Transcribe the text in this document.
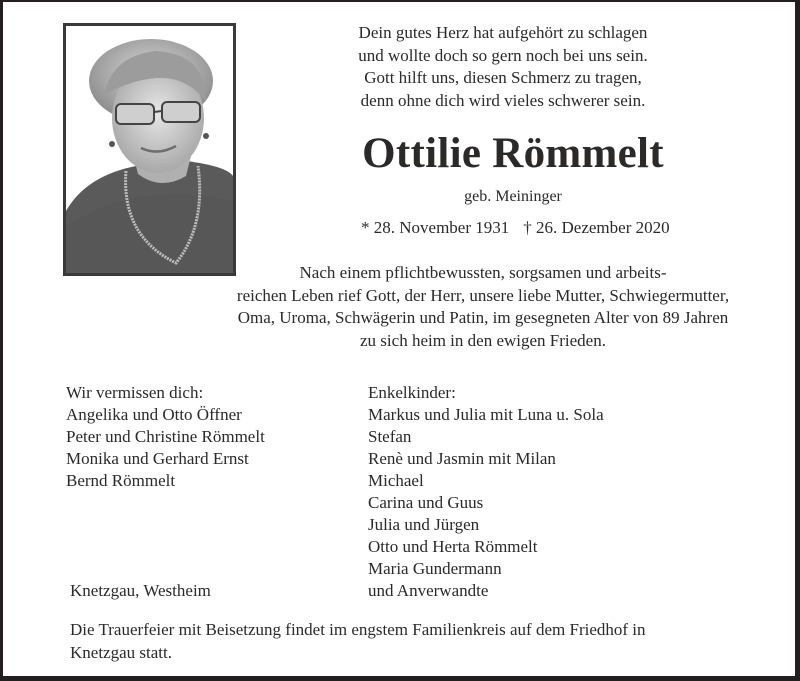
Dein gutes Herz hat aufgehört zu schlagen
und wollte doch so gern noch bei uns sein.
Gott hilft uns, diesen Schmerz zu tragen,
denn ohne dich wird vieles schwerer sein.
Ottilie Römmelt
geb. Meininger
* 28. November 1931 † 26. Dezember 2020
Nach einem pflichtbewussten, sorgsamen und arbeits-
reichen Leben rief Gott, der Herr, unsere liebe Mutter, Schwiegermutter,
Oma, Uroma, Schwägerin und Patin, im gesegneten Alter von 89 Jahren
zu sich heim in den ewigen Frieden.
Wir vermissen dich:
Angelika und Otto Öffner
Peter und Christine Römmelt
Monika und Gerhard Ernst
Bernd Römmelt
Enkelkinder:
Markus und Julia mit Luna u. Sola
Stefan
Renè und Jasmin mit Milan
Michael
Carina und Guus
Julia und Jürgen
Otto und Herta Römmelt
Maria Gundermann
und Anverwandte
Knetzgau, Westheim
Die Trauerfeier mit Beisetzung findet im engstem Familienkreis auf dem Friedhof in
Knetzgau statt.
